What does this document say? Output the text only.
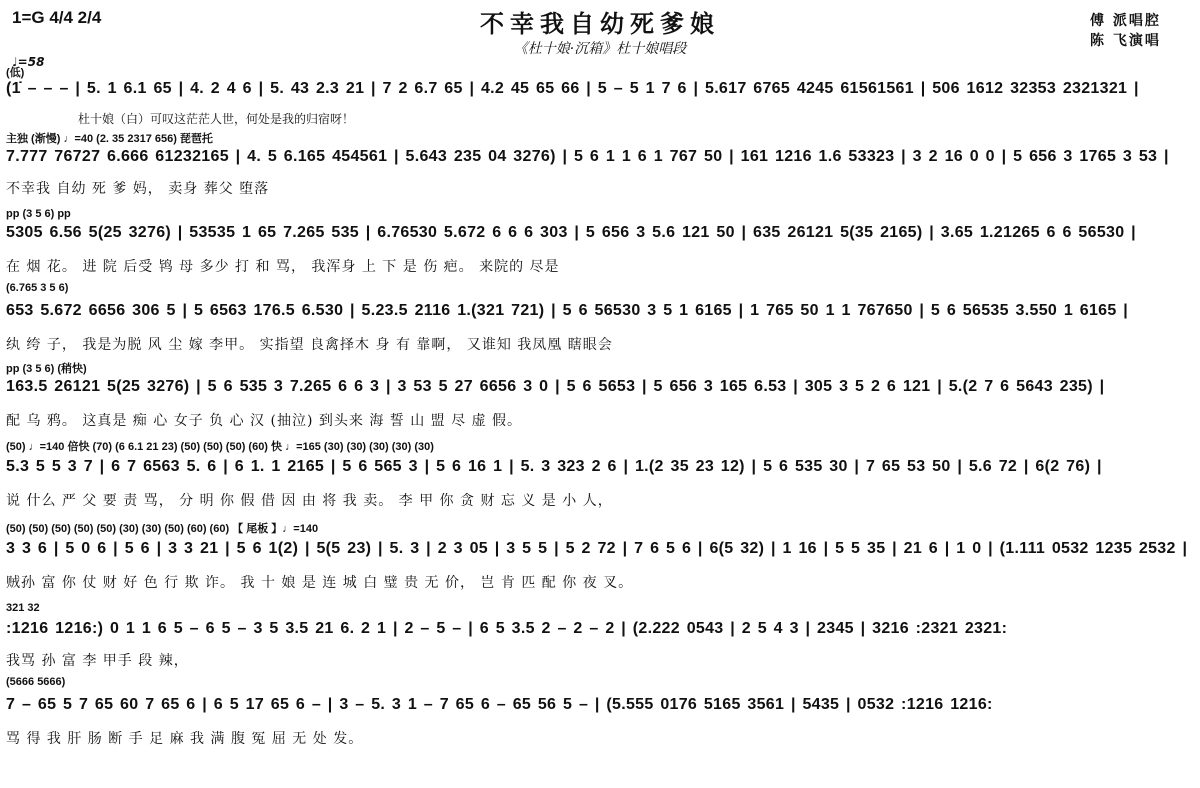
1=G 4/4 2/4	不幸我自幼死爹娘
《杜十娘·沉箱》杜十娘唱段
傅 派唱腔
陈 飞演唱
♩=58
(低)
(1̇ – – – | 5. 1 6.1 65 | 4. 2 4 6 | 5. 43 2.3 21 | 7 2 6.7 65 | 4.2 45 65 66 | 5 – 5 1 7 6 | 5.617 6765 4245 61561561 | 506 1612 32353 2321321 |
杜十娘（白）可叹这茫茫人世，何处是我的归宿呀！
主独 (渐慢) ♩=40 (2. 35 2317 656) 琵琶托
7.777 76727 6.666 61232165 | 4. 5 6.165 454561 | 5.643 235 04 3276) | 5 6 1 1 6 1 767 50 | 161 1216 1.6 53323 | 3 2 16 0 0 | 5 656 3 1765 3 53 |
不幸我 自幼 死 爹 妈， 卖身 葬父 堕落
pp (3 5 6) pp
5305 6.56 5(25 3276) | 53535 1 65 7.265 535 | 6.76530 5.672 6 6 6 303 | 5 656 3 5.6 121 50 | 635 26121 5(35 2165) | 3.65 1.21265 6 6 56530 |
在 烟 花。 进 院 后受 鸨 母 多少 打 和 骂， 我浑身 上 下 是 伤 疤。 来院的 尽是
(6.765 3 5 6)
653 5.672 6656 306 5 | 5 6563 176.5 6.530 | 5.23.5 2116 1.(321 721) | 5 6 56530 3 5 1 6165 | 1 765 50 1 1 767650 | 5 6 56535 3.550 1 6165 |
纨 绔 子， 我是为脱 风 尘 嫁 李甲。 实指望 良禽择木 身 有 靠啊， 又谁知 我凤凰 瞎眼会
pp (3 5 6) (稍快)
163.5 26121 5(25 3276) | 5 6 535 3 7.265 6 6 3 | 3 53 5 27 6656 3 0 | 5 6 5653 | 5 656 3 165 6.53 | 305 3 5 2 6 121 | 5.(2 7 6 5643 235) |
配 乌 鸦。 这真是 痴 心 女子 负 心 汉 (抽泣) 到头来 海 誓 山 盟 尽 虚 假。
(50) ♩=140 倍快 (70) (6 6.1 21 23) (50) (50) (50) (60) 快 ♩=165 (30) (30) (30) (30) (30)
5.3 5 5 3 7 | 6 7 6563 5. 6 | 6 1. 1 2165 | 5 6 565 3 | 5 6 16 1 | 5. 3 323 2 6 | 1.(2 35 23 12) | 5 6 535 30 | 7 65 53 50 | 5.6 72 | 6(2 76) |
说 什么 严 父 要 责 骂， 分 明 你 假 借 因 由 将 我 卖。 李 甲 你 贪 财 忘 义 是 小 人，
(50) (50) (50) (50) (50) (30) (30) (50) (60) (60) 【 尾板 】♩=140
3 3 6 | 5 0 6 | 5 6 | 3 3 21 | 5 6 1(2) | 5(5 23) | 5. 3 | 2 3 05 | 3 5 5 | 5 2 72 | 7 6 5 6 | 6(5 32) | 1 16 | 5 5 35 | 21 6 | 1 0 | (1.111 0532 1235 2532 |
贼孙 富 你 仗 财 好 色 行 欺 诈。 我 十 娘 是 连 城 白 璧 贵 无 价， 岂 肯 匹 配 你 夜 叉。
321 32
:1216 1216:) 0 1 1 6 5 – 6 5 – 3 5 3.5 21 6. 2 1 | 2 – 5 – | 6 5 3.5 2 – 2 – 2 | (2.222 0543 | 2 5 4 3 | 2345 | 3216 :2321 2321:
我骂 孙 富 李 甲手 段 辣，
(5666 5666)
7 – 65 5 7 65 60 7 65 6 | 6 5 17 65 6 – | 3 – 5. 3 1 – 7 65 6 – 65 56 5 – | (5.555 0176 5165 3561 | 5435 | 0532 :1216 1216:
骂 得 我 肝 肠 断 手 足 麻 我 满 腹 冤 屈 无 处 发。
